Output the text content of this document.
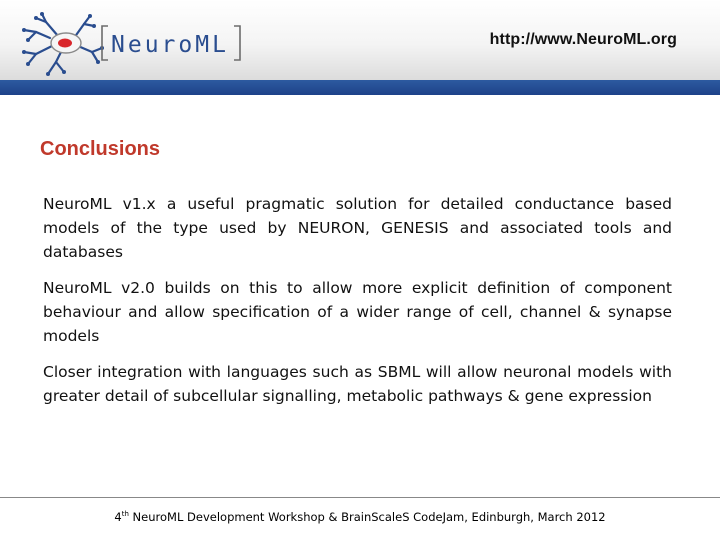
NeuroML	http://www.NeuroML.org
Conclusions

NeuroML v1.x a useful pragmatic solution for detailed conductance based models of the type used by NEURON, GENESIS and associated tools and databases

NeuroML v2.0 builds on this to allow more explicit definition of component behaviour and allow specification of a wider range of cell, channel & synapse models

Closer integration with languages such as SBML will allow neuronal models with greater detail of subcellular signalling, metabolic pathways & gene expression

4th NeuroML Development Workshop & BrainScaleS CodeJam, Edinburgh, March 2012
